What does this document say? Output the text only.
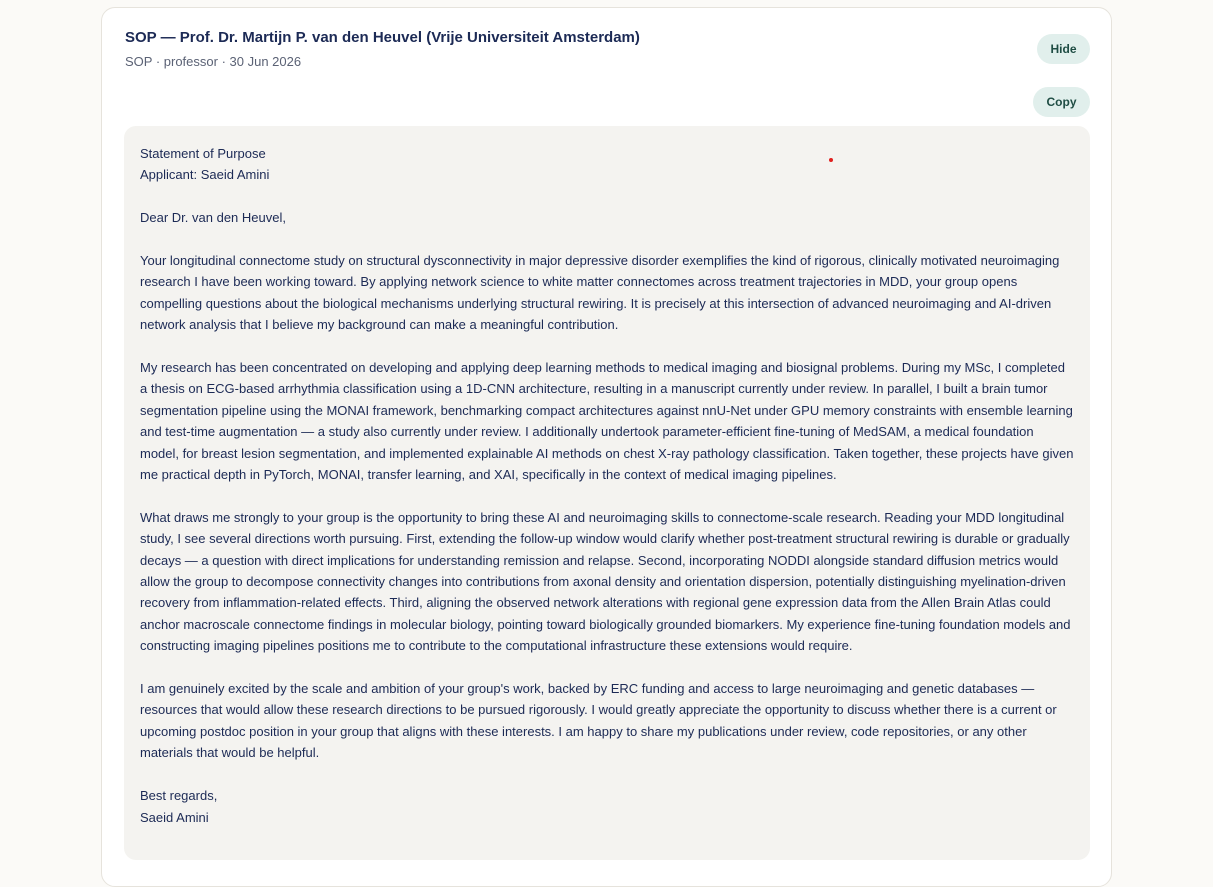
SOP — Prof. Dr. Martijn P. van den Heuvel (Vrije Universiteit Amsterdam)
SOP · professor · 30 Jun 2026
Hide
Copy

Statement of Purpose
Applicant: Saeid Amini

Dear Dr. van den Heuvel,

Your longitudinal connectome study on structural dysconnectivity in major depressive disorder exemplifies the kind of rigorous, clinically motivated neuroimaging research I have been working toward. By applying network science to white matter connectomes across treatment trajectories in MDD, your group opens compelling questions about the biological mechanisms underlying structural rewiring. It is precisely at this intersection of advanced neuroimaging and AI-driven network analysis that I believe my background can make a meaningful contribution.

My research has been concentrated on developing and applying deep learning methods to medical imaging and biosignal problems. During my MSc, I completed a thesis on ECG-based arrhythmia classification using a 1D-CNN architecture, resulting in a manuscript currently under review. In parallel, I built a brain tumor segmentation pipeline using the MONAI framework, benchmarking compact architectures against nnU-Net under GPU memory constraints with ensemble learning and test-time augmentation — a study also currently under review. I additionally undertook parameter-efficient fine-tuning of MedSAM, a medical foundation model, for breast lesion segmentation, and implemented explainable AI methods on chest X-ray pathology classification. Taken together, these projects have given me practical depth in PyTorch, MONAI, transfer learning, and XAI, specifically in the context of medical imaging pipelines.

What draws me strongly to your group is the opportunity to bring these AI and neuroimaging skills to connectome-scale research. Reading your MDD longitudinal study, I see several directions worth pursuing. First, extending the follow-up window would clarify whether post-treatment structural rewiring is durable or gradually decays — a question with direct implications for understanding remission and relapse. Second, incorporating NODDI alongside standard diffusion metrics would allow the group to decompose connectivity changes into contributions from axonal density and orientation dispersion, potentially distinguishing myelination-driven recovery from inflammation-related effects. Third, aligning the observed network alterations with regional gene expression data from the Allen Brain Atlas could anchor macroscale connectome findings in molecular biology, pointing toward biologically grounded biomarkers. My experience fine-tuning foundation models and constructing imaging pipelines positions me to contribute to the computational infrastructure these extensions would require.

I am genuinely excited by the scale and ambition of your group's work, backed by ERC funding and access to large neuroimaging and genetic databases — resources that would allow these research directions to be pursued rigorously. I would greatly appreciate the opportunity to discuss whether there is a current or upcoming postdoc position in your group that aligns with these interests. I am happy to share my publications under review, code repositories, or any other materials that would be helpful.

Best regards,
Saeid Amini
